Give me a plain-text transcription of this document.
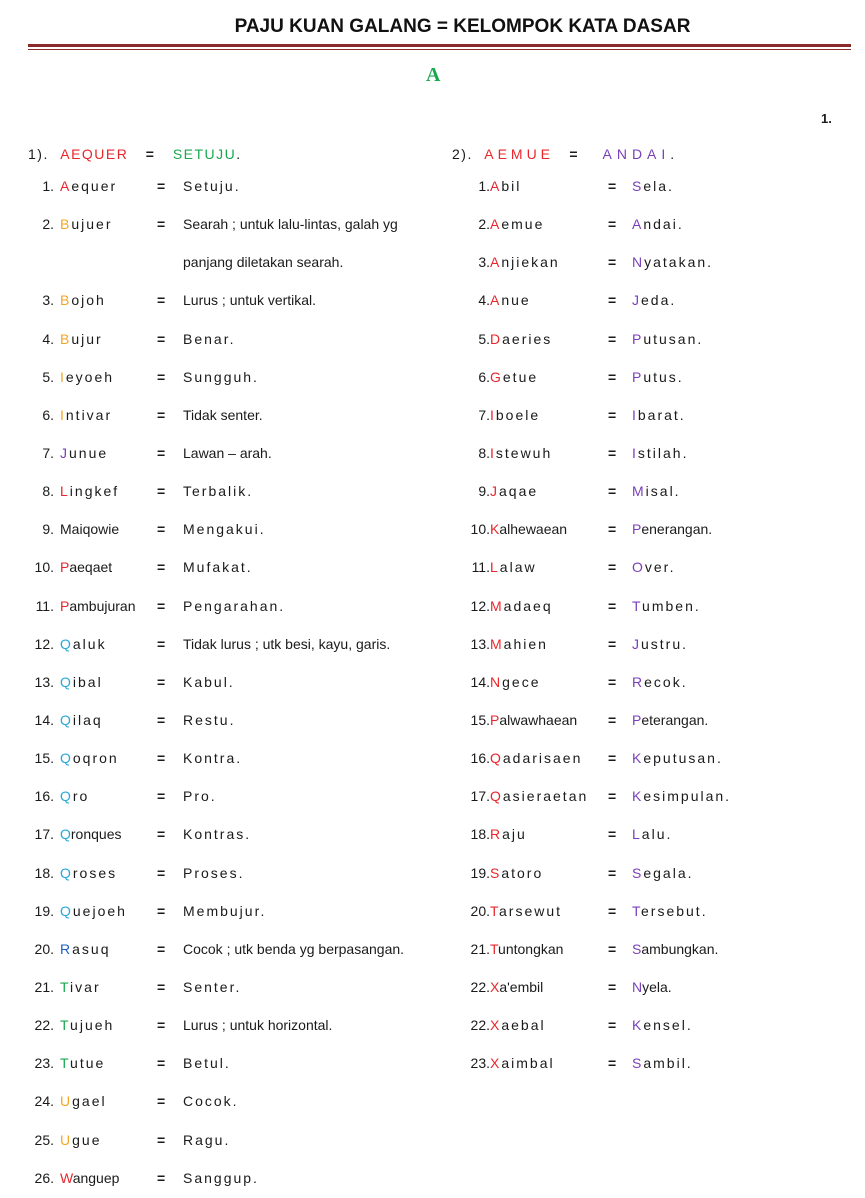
PAJU KUAN GALANG = KELOMPOK KATA DASAR
A
1.
1). AEQUER = SETUJU.	2). AEMUE = ANDAI.
1. Aequer	= Setuju.
2. Bujuer	= Searah ; untuk lalu-lintas, galah yg
panjang diletakan searah.
3. Bojoh	= Lurus ; untuk vertikal.
4. Bujur	= Benar.
5. Ieyoeh	= Sungguh.
6. Intivar	= Tidak senter.
7. Junue	= Lawan – arah.
8. Lingkef	= Terbalik.
9. Maiqowie	= Mengakui.
10. Paeqaet	= Mufakat.
11. Pambujuran = Pengarahan.
12. Qaluk	= Tidak lurus ; utk besi, kayu, garis.
13. Qibal	= Kabul.
14. Qilaq	= Restu.
15. Qoqron	= Kontra.
16. Qro	= Pro.
17. Qronques	= Kontras.
18. Qroses	= Proses.
19. Quejoeh = Membujur.
20. Rasuq	= Cocok ; utk benda yg berpasangan.
21. Tivar	= Senter.
22. Tujueh	= Lurus ; untuk horizontal.
23. Tutue	= Betul.
24. Ugael	= Cocok.
25. Ugue	= Ragu.
26. Wanguep	= Sanggup.
1. Abil	= Sela.
2. Aemue	= Andai.
3. Anjiekan	= Nyatakan.
4. Anue	= Jeda.
5. Daeries	= Putusan.
6. Getue	= Putus.
7. Iboele	= Ibarat.
8. Istewuh	= Istilah.
9. Jaqae	= Misal.
10. Kalhewaean	= Penerangan.
11. Lalaw	= Over.
12. Madaeq	= Tumben.
13. Mahien	= Justru.
14. Ngece	= Recok.
15. Palwawhaean = Peterangan.
16. Qadarisaen = Keputusan.
17. Qasieraetan = Kesimpulan.
18. Raju	= Lalu.
19. Satoro	= Segala.
20. Tarsewut	= Tersebut.
21. Tuntongkan	= Sambungkan.
22. Xa'embil	= Nyela.
22. Xaebal	= Kensel.
23. Xaimbal	= Sambil.
